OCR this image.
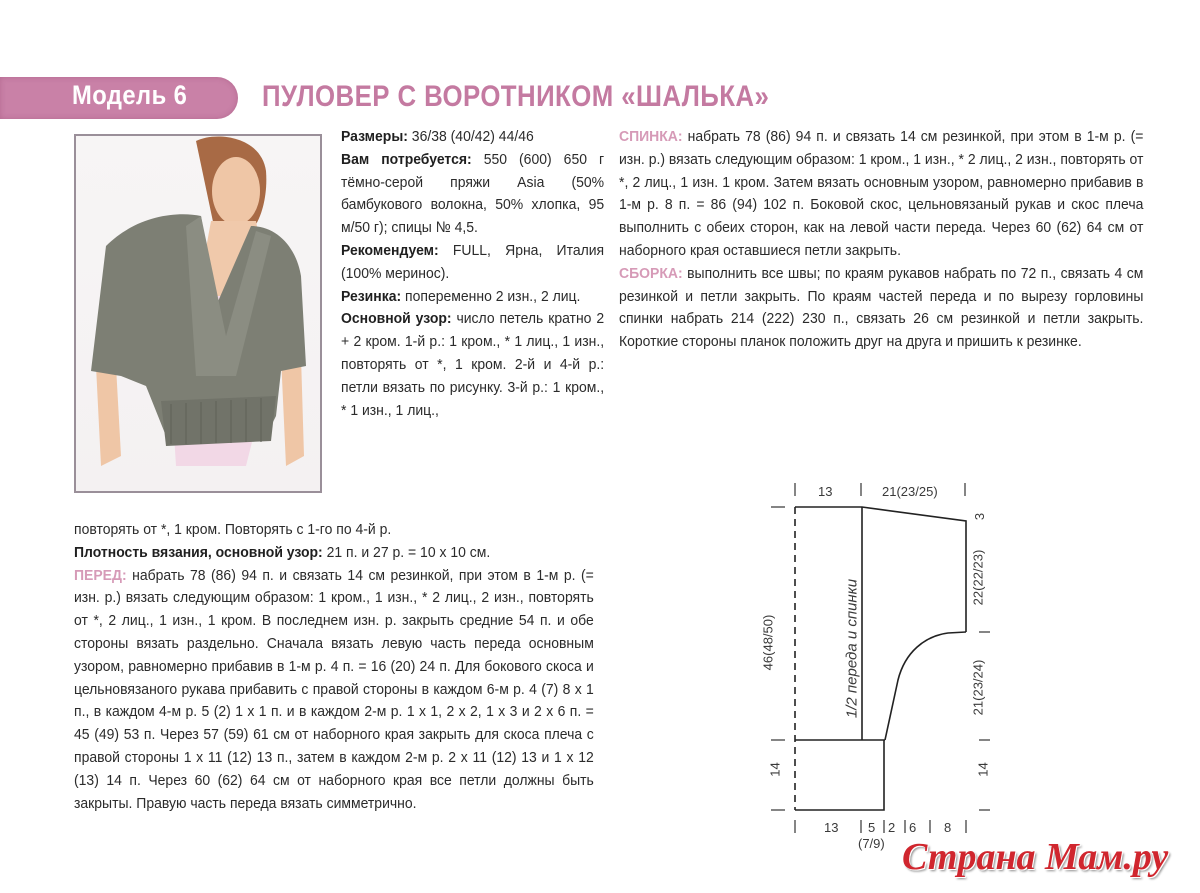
Модель 6 ПУЛОВЕР С ВОРОТНИКОМ «ШАЛЬКА»

Размеры: 36/38 (40/42) 44/46

Вам потребуется: 550 (600) 650 г тёмно-серой пряжи Asia (50% бамбукового волокна, 50% хлопка, 95 м/50 г); спицы № 4,5.

Рекомендуем: FULL, Ярна, Италия (100% меринос).

Резинка: попеременно 2 изн., 2 лиц.

Основной узор: число петель кратно 2 + 2 кром. 1-й р.: 1 кром., * 1 лиц., 1 изн., повторять от *, 1 кром. 2-й и 4-й р.: петли вязать по рисунку. 3-й р.: 1 кром., * 1 изн., 1 лиц.,

повторять от *, 1 кром. Повторять с 1-го по 4-й р.

Плотность вязания, основной узор: 21 п. и 27 р. = 10 x 10 см.

ПЕРЕД: набрать 78 (86) 94 п. и связать 14 см резинкой, при этом в 1-м р. (= изн. р.) вязать следующим образом: 1 кром., 1 изн., * 2 лиц., 2 изн., повторять от *, 2 лиц., 1 изн., 1 кром. В последнем изн. р. закрыть средние 54 п. и обе стороны вязать раздельно. Сначала вязать левую часть переда основным узором, равномерно прибавив в 1-м р. 4 п. = 16 (20) 24 п. Для бокового скоса и цельновязаного рукава прибавить с правой стороны в каждом 6-м р. 4 (7) 8 x 1 п., в каждом 4-м р. 5 (2) 1 x 1 п. и в каждом 2-м р. 1 x 1, 2 x 2, 1 x 3 и 2 x 6 п. = 45 (49) 53 п. Через 57 (59) 61 см от наборного края закрыть для скоса плеча с правой стороны 1 x 11 (12) 13 п., затем в каждом 2-м р. 2 x 11 (12) 13 и 1 x 12 (13) 14 п. Через 60 (62) 64 см от наборного края все петли должны быть закрыты. Правую часть переда вязать симметрично.

СПИНКА: набрать 78 (86) 94 п. и связать 14 см резинкой, при этом в 1-м р. (= изн. р.) вязать следующим образом: 1 кром., 1 изн., * 2 лиц., 2 изн., повторять от *, 2 лиц., 1 изн. 1 кром. Затем вязать основным узором, равномерно прибавив в 1-м р. 8 п. = 86 (94) 102 п. Боковой скос, цельновязаный рукав и скос плеча выполнить с обеих сторон, как на левой части переда. Через 60 (62) 64 см от наборного края оставшиеся петли закрыть.

СБОРКА: выполнить все швы; по краям рукавов набрать по 72 п., связать 4 см резинкой и петли закрыть. По краям частей переда и по вырезу горловины спинки набрать 214 (222) 230 п., связать 26 см резинкой и петли закрыть. Короткие стороны планок положить друг на друга и пришить к резинке.

13	21(23/25)
46(48/50)
14
1/2 переда и спинки
3
22(22/23)
21(23/24)
14
13 5 2 6 8
(7/9) Страна Мам.ру
